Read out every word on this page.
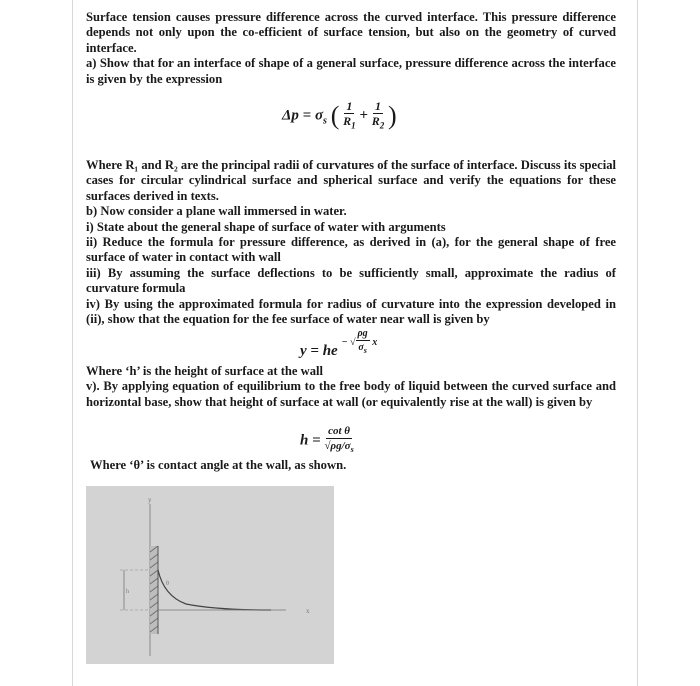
Surface tension causes pressure difference across the curved interface. This pressure difference depends not only upon the co-efficient of surface tension, but also on the geometry of curved interface.

a) Show that for an interface of shape of a general surface, pressure difference across the interface is given by the expression

$\Delta p = \sigma_s$ ( $\frac{1}{R_1} + \frac{1}{R_2}$ )

Where R₁ and R₂ are the principal radii of curvatures of the surface of interface. Discuss its special cases for circular cylindrical surface and spherical surface and verify the equations for these surfaces derived in texts.

b) Now consider a plane wall immersed in water.

i) State about the general shape of surface of water with arguments

ii) Reduce the formula for pressure difference, as derived in (a), for the general shape of free surface of water in contact with wall

iii) By assuming the surface deflections to be sufficiently small, approximate the radius of curvature formula

iv) By using the approximated formula for radius of curvature into the expression developed in (ii), show that the equation for the fee surface of water near wall is given by

y = he $^{- √ \frac{\rho g}{\sigma_s} x}$

Where ‘h’ is the height of surface at the wall

v). By applying equation of equilibrium to the free body of liquid between the curved surface and horizontal base, show that height of surface at wall (or equivalently rise at the wall) is given by

$h = \frac{\text{cot θ}}{√\rho g/\sigma_s}$

Where ‘θ’ is contact angle at the wall, as shown.

y
h
θ
x
